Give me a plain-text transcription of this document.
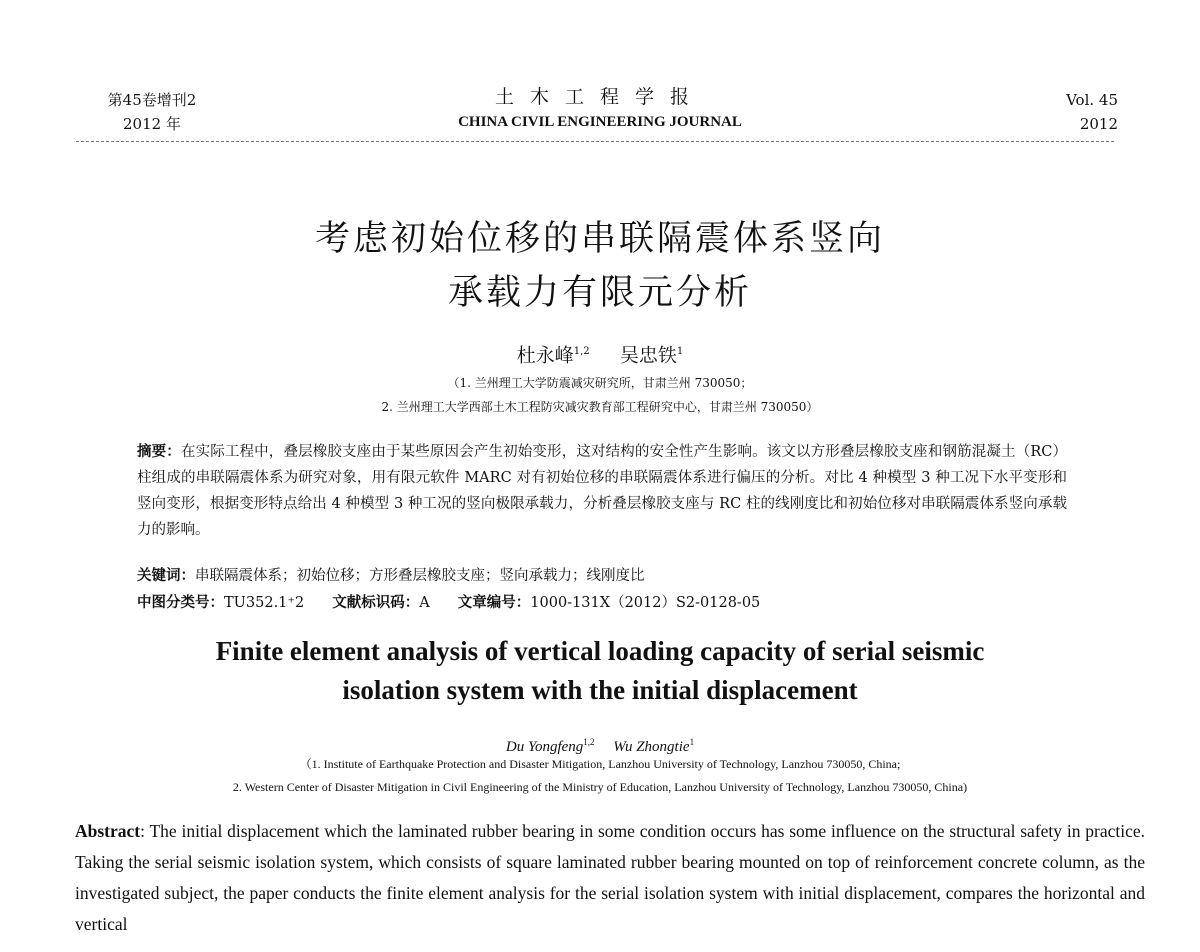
第45卷增刊2
2012 年
土木工程学报
CHINA CIVIL ENGINEERING JOURNAL
Vol. 45
2012
考虑初始位移的串联隔震体系竖向
承载力有限元分析
杜永峰$^{1,2}$ 吴忠铁$^1$
（1. 兰州理工大学防震减灾研究所，甘肃兰州 730050；
2. 兰州理工大学西部土木工程防灾减灾教育部工程研究中心，甘肃兰州 730050）
摘要：在实际工程中，叠层橡胶支座由于某些原因会产生初始变形，这对结构的安全性产生影响。该文以方形叠层橡胶支座和钢筋混凝土（RC）柱组成的串联隔震体系为研究对象，用有限元软件 MARC 对有初始位移的串联隔震体系进行偏压的分析。对比 4 种模型 3 种工况下水平变形和竖向变形，根据变形特点给出 4 种模型 3 种工况的竖向极限承载力，分析叠层橡胶支座与 RC 柱的线刚度比和初始位移对串联隔震体系竖向承载力的影响。
关键词：串联隔震体系；初始位移；方形叠层橡胶支座；竖向承载力；线刚度比
中图分类号：TU352.1⁺2 文献标识码：A 文章编号：1000-131X（2012）S2-0128-05
Finite element analysis of vertical loading capacity of serial seismic
isolation system with the initial displacement
Du Yongfeng$^{1,2}$ Wu Zhongtie$^1$
（1. Institute of Earthquake Protection and Disaster Mitigation, Lanzhou University of Technology, Lanzhou 730050, China;
2. Western Center of Disaster Mitigation in Civil Engineering of the Ministry of Education, Lanzhou University of Technology, Lanzhou 730050, China)
Abstract: The initial displacement which the laminated rubber bearing in some condition occurs has some influence on the structural safety in practice. Taking the serial seismic isolation system, which consists of square laminated rubber bearing mounted on top of reinforcement concrete column, as the investigated subject, the paper conducts the finite element analysis for the serial isolation system with initial displacement, compares the horizontal and vertical
